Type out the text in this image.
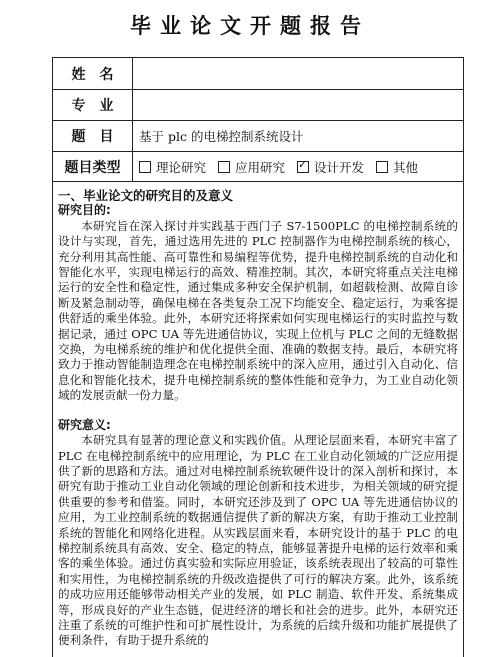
毕业论文开题报告
姓　名
专　业
题　目	基于 plc 的电梯控制系统设计
题目类型	理论研究 应用研究
✓ 设计开发 其他

一、毕业论文的研究目的及意义

研究目的:

本研究旨在深入探讨并实践基于西门子 S7-1500PLC 的电梯控制系统的设计与实现，首先，通过选用先进的 PLC 控制器作为电梯控制系统的核心，充分利用其高性能、高可靠性和易编程等优势，提升电梯控制系统的自动化和智能化水平，实现电梯运行的高效、精准控制。其次，本研究将重点关注电梯运行的安全性和稳定性，通过集成多种安全保护机制，如超载检测、故障自诊断及紧急制动等，确保电梯在各类复杂工况下均能安全、稳定运行，为乘客提供舒适的乘坐体验。此外，本研究还将探索如何实现电梯运行的实时监控与数据记录，通过 OPC UA 等先进通信协议，实现上位机与 PLC 之间的无缝数据交换，为电梯系统的维护和优化提供全面、准确的数据支持。最后，本研究将致力于推动智能制造理念在电梯控制系统中的深入应用，通过引入自动化、信息化和智能化技术，提升电梯控制系统的整体性能和竞争力，为工业自动化领域的发展贡献一份力量。

研究意义:

本研究具有显著的理论意义和实践价值。从理论层面来看，本研究丰富了 PLC 在电梯控制系统中的应用理论，为 PLC 在工业自动化领域的广泛应用提供了新的思路和方法。通过对电梯控制系统软硬件设计的深入剖析和探讨，本研究有助于推动工业自动化领域的理论创新和技术进步，为相关领域的研究提供重要的参考和借鉴。同时，本研究还涉及到了 OPC UA 等先进通信协议的应用，为工业控制系统的数据通信提供了新的解决方案，有助于推动工业控制系统的智能化和网络化进程。从实践层面来看，本研究设计的基于 PLC 的电梯控制系统具有高效、安全、稳定的特点，能够显著提升电梯的运行效率和乘客的乘坐体验。通过仿真实验和实际应用验证，该系统表现出了较高的可靠性和实用性，为电梯控制系统的升级改造提供了可行的解决方案。此外，该系统的成功应用还能够带动相关产业的发展，如 PLC 制造、软件开发、系统集成等，形成良好的产业生态链，促进经济的增长和社会的进步。此外，本研究还注重了系统的可维护性和可扩展性设计，为系统的后续升级和功能扩展提供了便利条件，有助于提升系统的
